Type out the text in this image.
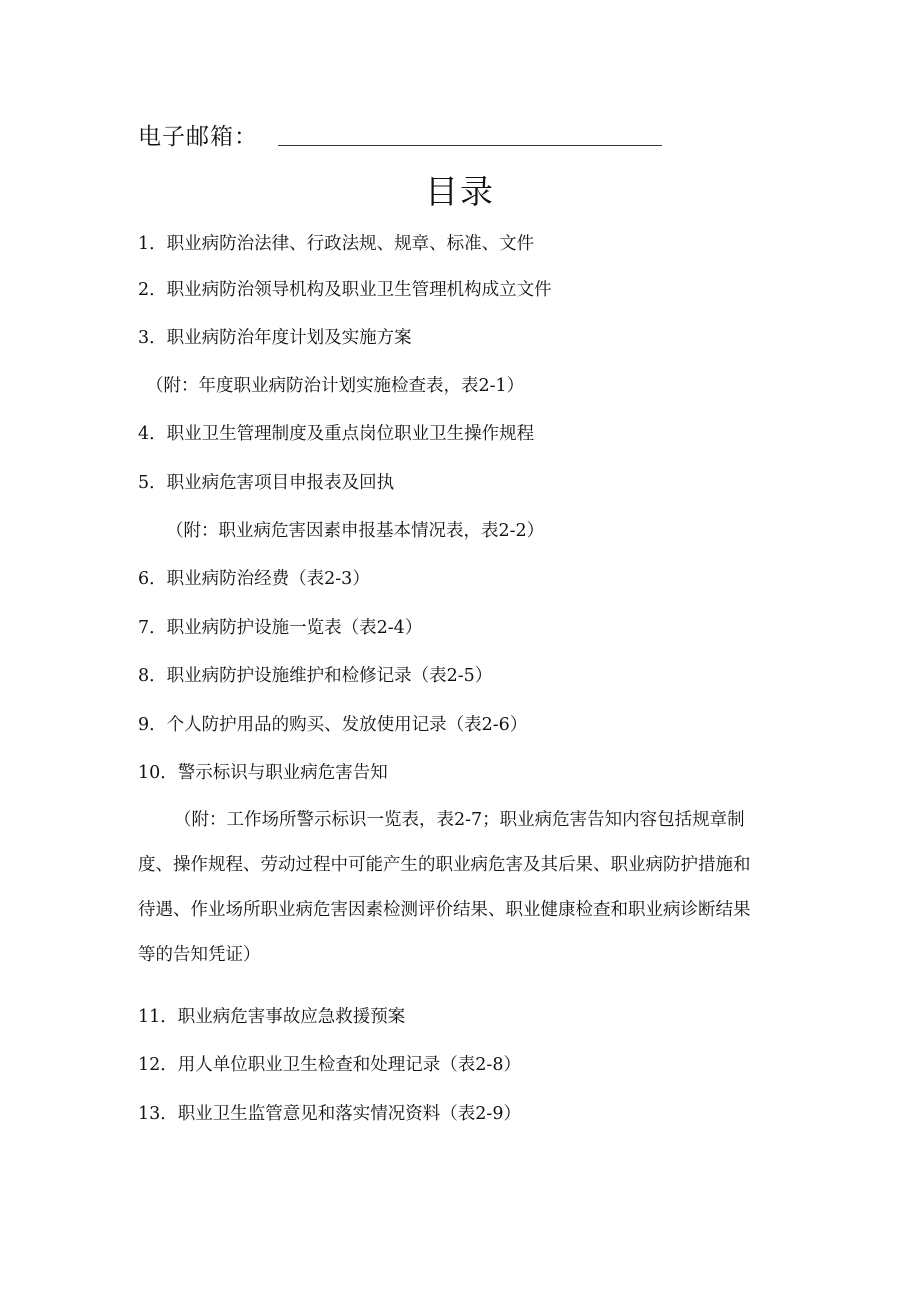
电子邮箱：
目录
1．职业病防治法律、行政法规、规章、标准、文件
2．职业病防治领导机构及职业卫生管理机构成立文件
3．职业病防治年度计划及实施方案
（附：年度职业病防治计划实施检查表，表2-1）
4．职业卫生管理制度及重点岗位职业卫生操作规程
5．职业病危害项目申报表及回执
（附：职业病危害因素申报基本情况表，表2-2）
6．职业病防治经费（表2-3）
7．职业病防护设施一览表（表2-4）
8．职业病防护设施维护和检修记录（表2-5）
9．个人防护用品的购买、发放使用记录（表2-6）
10．警示标识与职业病危害告知
（附：工作场所警示标识一览表，表2-7；职业病危害告知内容包括规章制
度、操作规程、劳动过程中可能产生的职业病危害及其后果、职业病防护措施和
待遇、作业场所职业病危害因素检测评价结果、职业健康检查和职业病诊断结果
等的告知凭证）
11．职业病危害事故应急救援预案
12．用人单位职业卫生检查和处理记录（表2-8）
13．职业卫生监管意见和落实情况资料（表2-9）
